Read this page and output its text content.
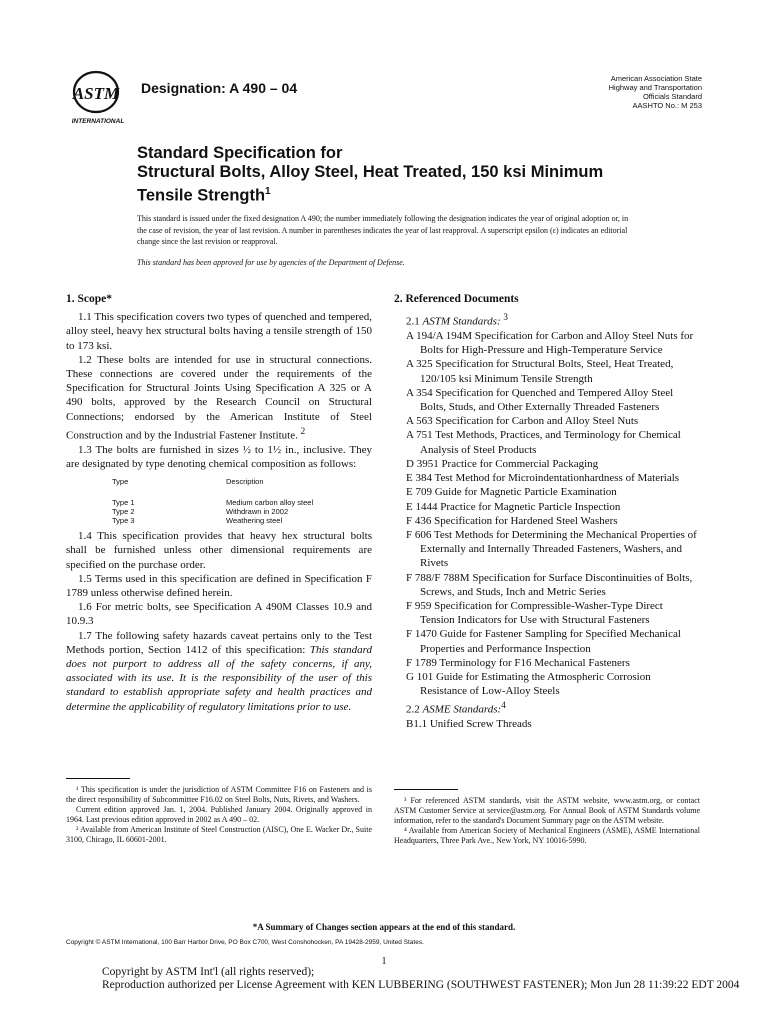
ASTM
INTERNATIONAL
Designation: A 490 – 04
American Association State
Highway and Transportation
Officials Standard
AASHTO No.: M 253
Standard Specification for
Structural Bolts, Alloy Steel, Heat Treated, 150 ksi Minimum
Tensile Strength$^1$
This standard is issued under the fixed designation A 490; the number immediately following the designation indicates the year of original adoption or, in the case of revision, the year of last revision. A number in parentheses indicates the year of last reapproval. A superscript epsilon (ε) indicates an editorial change since the last revision or reapproval.
This standard has been approved for use by agencies of the Department of Defense.
1. Scope*

1.1 This specification covers two types of quenched and tempered, alloy steel, heavy hex structural bolts having a tensile strength of 150 to 173 ksi.

1.2 These bolts are intended for use in structural connections. These connections are covered under the requirements of the Specification for Structural Joints Using Specification A 325 or A 490 bolts, approved by the Research Council on Structural Connections; endorsed by the American Institute of Steel Construction and by the Industrial Fastener Institute. $^2$

1.3 The bolts are furnished in sizes ½ to 1½ in., inclusive. They are designated by type denoting chemical composition as follows:

Type	Description
Type 1	Medium carbon alloy steel
Type 2	Withdrawn in 2002
Type 3	Weathering steel

1.4 This specification provides that heavy hex structural bolts shall be furnished unless other dimensional requirements are specified on the purchase order.

1.5 Terms used in this specification are defined in Specification F 1789 unless otherwise defined herein.

1.6 For metric bolts, see Specification A 490M Classes 10.9 and 10.9.3

1.7 The following safety hazards caveat pertains only to the Test Methods portion, Section 1412 of this specification: This standard does not purport to address all of the safety concerns, if any, associated with its use. It is the responsibility of the user of this standard to establish appropriate safety and health practices and determine the applicability of regulatory limitations prior to use.

2. Referenced Documents
2.1 ASTM Standards: $^3$
A 194/A 194M Specification for Carbon and Alloy Steel Nuts for Bolts for High-Pressure and High-Temperature Service
A 325 Specification for Structural Bolts, Steel, Heat Treated, 120/105 ksi Minimum Tensile Strength
A 354 Specification for Quenched and Tempered Alloy Steel Bolts, Studs, and Other Externally Threaded Fasteners
A 563 Specification for Carbon and Alloy Steel Nuts
A 751 Test Methods, Practices, and Terminology for Chemical Analysis of Steel Products
D 3951 Practice for Commercial Packaging
E 384 Test Method for Microindentationhardness of Materials
E 709 Guide for Magnetic Particle Examination
E 1444 Practice for Magnetic Particle Inspection
F 436 Specification for Hardened Steel Washers
F 606 Test Methods for Determining the Mechanical Properties of Externally and Internally Threaded Fasteners, Washers, and Rivets
F 788/F 788M Specification for Surface Discontinuities of Bolts, Screws, and Studs, Inch and Metric Series
F 959 Specification for Compressible-Washer-Type Direct Tension Indicators for Use with Structural Fasteners
F 1470 Guide for Fastener Sampling for Specified Mechanical Properties and Performance Inspection
F 1789 Terminology for F16 Mechanical Fasteners
G 101 Guide for Estimating the Atmospheric Corrosion Resistance of Low-Alloy Steels
2.2 ASME Standards:$^4$
B1.1 Unified Screw Threads

¹ This specification is under the jurisdiction of ASTM Committee F16 on Fasteners and is the direct responsibility of Subcommittee F16.02 on Steel Bolts, Nuts, Rivets, and Washers.

Current edition approved Jan. 1, 2004. Published January 2004. Originally approved in 1964. Last previous edition approved in 2002 as A 490 – 02.

² Available from American Institute of Steel Construction (AISC), One E. Wacker Dr., Suite 3100, Chicago, IL 60601-2001.

³ For referenced ASTM standards, visit the ASTM website, www.astm.org, or contact ASTM Customer Service at service@astm.org. For Annual Book of ASTM Standards volume information, refer to the standard's Document Summary page on the ASTM website.

⁴ Available from American Society of Mechanical Engineers (ASME), ASME International Headquarters, Three Park Ave., New York, NY 10016-5990.

*A Summary of Changes section appears at the end of this standard.
Copyright © ASTM International, 100 Barr Harbor Drive, PO Box C700, West Conshohocken, PA 19428-2959, United States.
1
Copyright by ASTM Int'l (all rights reserved);
Reproduction authorized per License Agreement with KEN LUBBERING (SOUTHWEST FASTENER); Mon Jun 28 11:39:22 EDT 2004
